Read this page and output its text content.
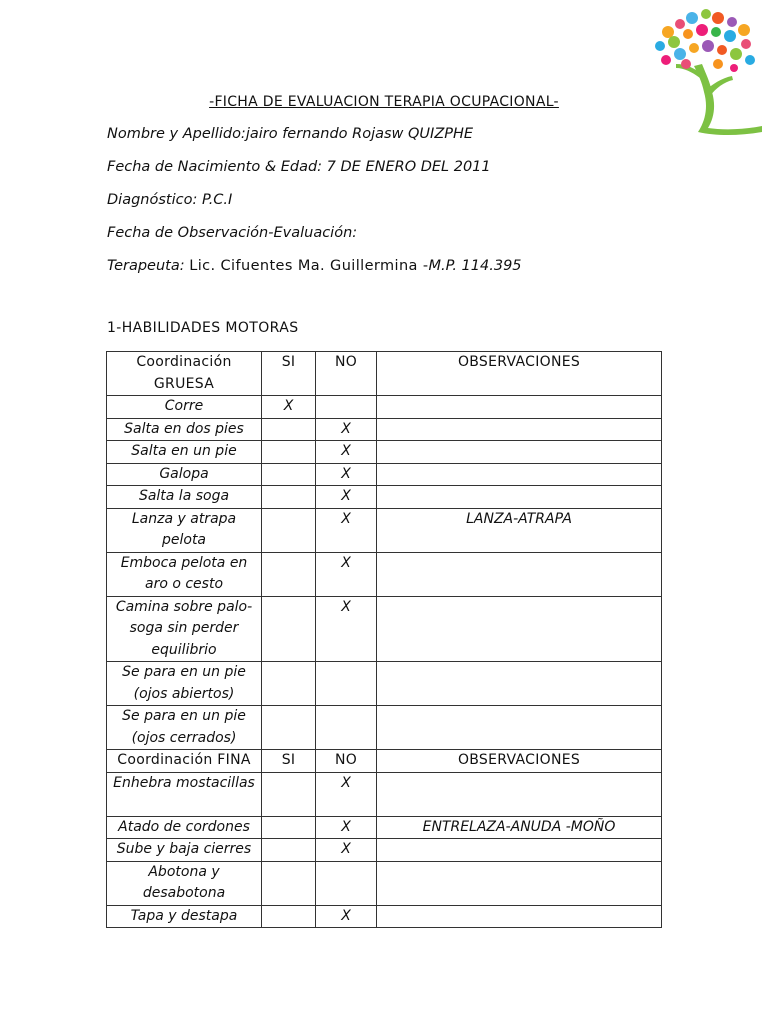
-FICHA DE EVALUACION TERAPIA OCUPACIONAL-
Nombre y Apellido:jairo fernando Rojasw QUIZPHE
Fecha de Nacimiento & Edad: 7 DE ENERO DEL 2011
Diagnóstico: P.C.I
Fecha de Observación-Evaluación:
Terapeuta: Lic. Cifuentes Ma. Guillermina -M.P. 114.395
1-HABILIDADES MOTORAS
Coordinación GRUESA	SI	NO	OBSERVACIONES
Corre	X		
Salta en dos pies		X	
Salta en un pie		X	
Galopa		X	
Salta la soga		X	
Lanza y atrapa pelota		X	LANZA-ATRAPA
Emboca pelota en aro o cesto		X	
Camina sobre palo-soga sin perder equilibrio		X	
Se para en un pie (ojos abiertos)			
Se para en un pie (ojos cerrados)			
Coordinación FINA	SI	NO	OBSERVACIONES
Enhebra mostacillas		X	
Atado de cordones		X	ENTRELAZA-ANUDA -MOÑO
Sube y baja cierres		X	
Abotona y desabotona			
Tapa y destapa		X	
